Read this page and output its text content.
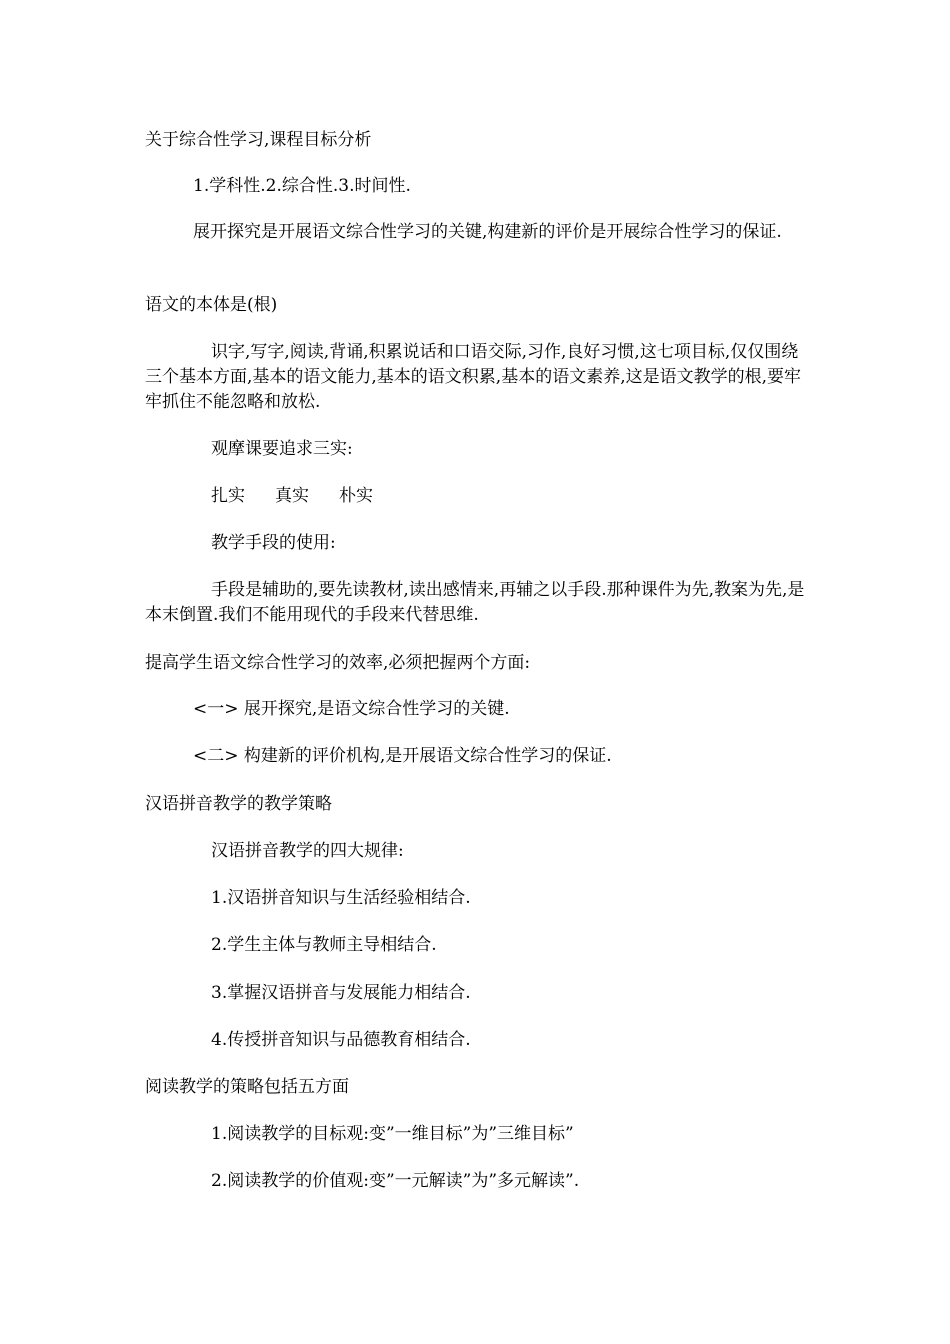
关于综合性学习,课程目标分析

1.学科性.2.综合性.3.时间性.

展开探究是开展语文综合性学习的关键,构建新的评价是开展综合性学习的保证.

语文的本体是(根)

识字,写字,阅读,背诵,积累说话和口语交际,习作,良好习惯,这七项目标,仅仅围绕三个基本方面,基本的语文能力,基本的语文积累,基本的语文素养,这是语文教学的根,要牢牢抓住不能忽略和放松.

观摩课要追求三实:

扎实 真实 朴实

教学手段的使用:

手段是辅助的,要先读教材,读出感情来,再辅之以手段.那种课件为先,教案为先,是本末倒置.我们不能用现代的手段来代替思维.

提高学生语文综合性学习的效率,必须把握两个方面:

<一> 展开探究,是语文综合性学习的关键.

<二> 构建新的评价机构,是开展语文综合性学习的保证.

汉语拼音教学的教学策略

汉语拼音教学的四大规律:

1.汉语拼音知识与生活经验相结合.

2.学生主体与教师主导相结合.

3.掌握汉语拼音与发展能力相结合.

4.传授拼音知识与品德教育相结合.

阅读教学的策略包括五方面

1.阅读教学的目标观:变”一维目标”为”三维目标”

2.阅读教学的价值观:变”一元解读”为”多元解读”.
